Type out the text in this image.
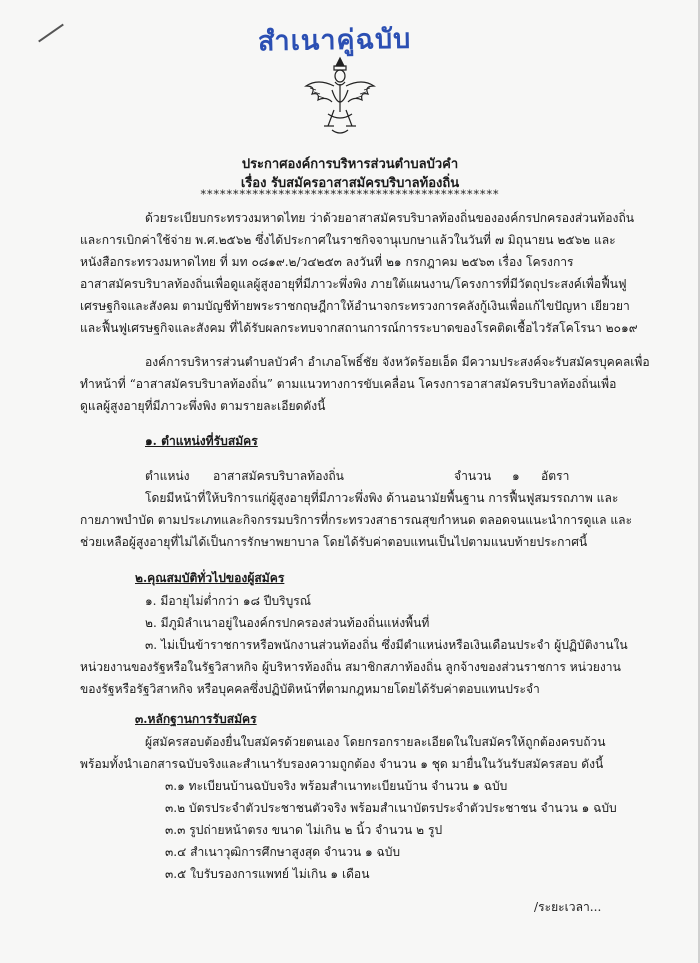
สำเนาคู่ฉบับ
ประกาศองค์การบริหารส่วนตำบลบัวคำ
เรื่อง รับสมัครอาสาสมัครบริบาลท้องถิ่น
**********************************************
ด้วยระเบียบกระทรวงมหาดไทย ว่าด้วยอาสาสมัครบริบาลท้องถิ่นขององค์กรปกครองส่วนท้องถิ่น
และการเบิกค่าใช้จ่าย พ.ศ.๒๕๖๒ ซึ่งได้ประกาศในราชกิจจานุเบกษาแล้วในวันที่ ๗ มิถุนายน ๒๕๖๒ และ
หนังสือกระทรวงมหาดไทย ที่ มท ๐๘๑๙.๒/ว๔๒๕๓ ลงวันที่ ๒๑ กรกฎาคม ๒๕๖๓ เรื่อง โครงการ
อาสาสมัครบริบาลท้องถิ่นเพื่อดูแลผู้สูงอายุที่มีภาวะพึ่งพิง ภายใต้แผนงาน/โครงการที่มีวัตถุประสงค์เพื่อฟื้นฟู
เศรษฐกิจและสังคม ตามบัญชีท้ายพระราชกฤษฎีกาให้อำนาจกระทรวงการคลังกู้เงินเพื่อแก้ไขปัญหา เยียวยา
และฟื้นฟูเศรษฐกิจและสังคม ที่ได้รับผลกระทบจากสถานการณ์การระบาดของโรคติดเชื้อไวรัสโคโรนา ๒๐๑๙
องค์การบริหารส่วนตำบลบัวคำ อำเภอโพธิ์ชัย จังหวัดร้อยเอ็ด มีความประสงค์จะรับสมัครบุคคลเพื่อ
ทำหน้าที่ “อาสาสมัครบริบาลท้องถิ่น” ตามแนวทางการขับเคลื่อน โครงการอาสาสมัครบริบาลท้องถิ่นเพื่อ
ดูแลผู้สูงอายุที่มีภาวะพึ่งพิง ตามรายละเอียดดังนี้
๑. ตำแหน่งที่รับสมัคร
ตำแหน่ง อาสาสมัครบริบาลท้องถิ่น	จำนวน ๑ อัตรา
โดยมีหน้าที่ให้บริการแก่ผู้สูงอายุที่มีภาวะพึ่งพิง ด้านอนามัยพื้นฐาน การฟื้นฟูสมรรถภาพ และ
กายภาพบำบัด ตามประเภทและกิจกรรมบริการที่กระทรวงสาธารณสุขกำหนด ตลอดจนแนะนำการดูแล และ
ช่วยเหลือผู้สูงอายุที่ไม่ได้เป็นการรักษาพยาบาล โดยได้รับค่าตอบแทนเป็นไปตามแนบท้ายประกาศนี้
๒.คุณสมบัติทั่วไปของผู้สมัคร
๑. มีอายุไม่ต่ำกว่า ๑๘ ปีบริบูรณ์
๒. มีภูมิลำเนาอยู่ในองค์กรปกครองส่วนท้องถิ่นแห่งพื้นที่
๓. ไม่เป็นข้าราชการหรือพนักงานส่วนท้องถิ่น ซึ่งมีตำแหน่งหรือเงินเดือนประจำ ผู้ปฏิบัติงานใน
หน่วยงานของรัฐหรือในรัฐวิสาหกิจ ผู้บริหารท้องถิ่น สมาชิกสภาท้องถิ่น ลูกจ้างของส่วนราชการ หน่วยงาน
ของรัฐหรือรัฐวิสาหกิจ หรือบุคคลซึ่งปฏิบัติหน้าที่ตามกฎหมายโดยได้รับค่าตอบแทนประจำ
๓.หลักฐานการรับสมัคร
ผู้สมัครสอบต้องยื่นใบสมัครด้วยตนเอง โดยกรอกรายละเอียดในใบสมัครให้ถูกต้องครบถ้วน
พร้อมทั้งนำเอกสารฉบับจริงและสำเนารับรองความถูกต้อง จำนวน ๑ ชุด มายื่นในวันรับสมัครสอบ ดังนี้
๓.๑ ทะเบียนบ้านฉบับจริง พร้อมสำเนาทะเบียนบ้าน จำนวน ๑ ฉบับ
๓.๒ บัตรประจำตัวประชาชนตัวจริง พร้อมสำเนาบัตรประจำตัวประชาชน จำนวน ๑ ฉบับ
๓.๓ รูปถ่ายหน้าตรง ขนาด ไม่เกิน ๒ นิ้ว จำนวน ๒ รูป
๓.๔ สำเนาวุฒิการศึกษาสูงสุด จำนวน ๑ ฉบับ
๓.๕ ใบรับรองการแพทย์ ไม่เกิน ๑ เดือน
/ระยะเวลา...
